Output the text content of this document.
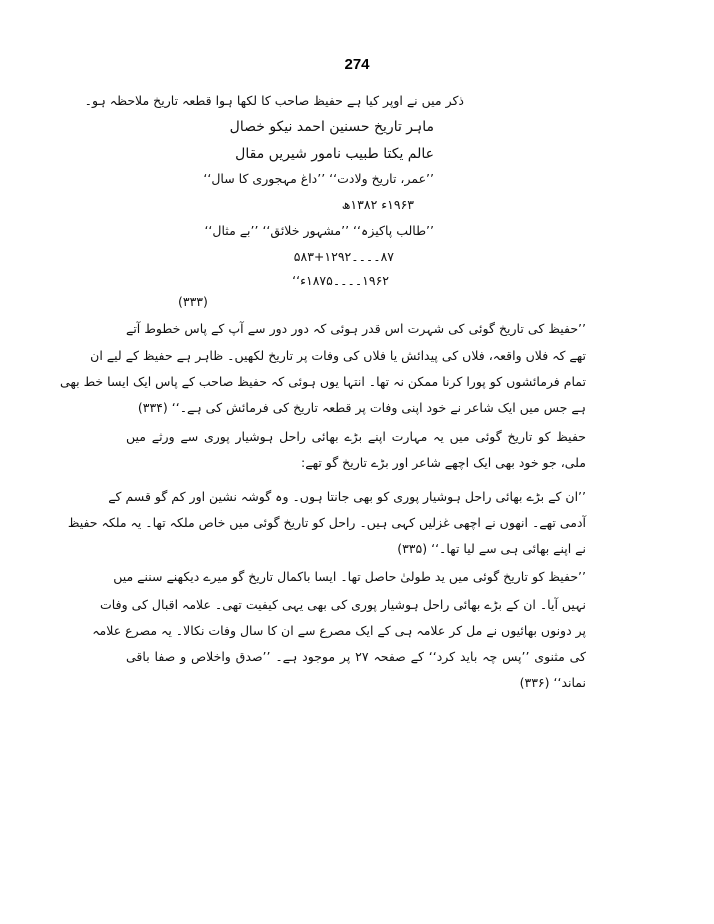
274
ذکر میں نے اوپر کیا ہے حفیظ صاحب کا لکھا ہوا قطعہ تاریخ ملاحظہ ہو۔
ماہر تاریخ حسنین احمد نیکو خصال
عالم یکتا طبیب نامور شیریں مقال
’’عمر، تاریخ ولادت‘‘ ’’داغ مہجوری کا سال‘‘
۱۹۶۳ء ۱۳۸۲ھ
’’طالب پاکیزہ‘‘ ’’مشہور خلائق‘‘ ’’بے مثال‘‘
۸۷۔۔۔۔۱۲۹۲+۵۸۳
۱۹۶۲۔۔۔۔۱۸۷۵ء‘‘
(۳۳۳)
’’حفیظ کی تاریخ گوئی کی شہرت اس قدر ہوئی کہ دور دور سے آپ کے پاس خطوط آتے
تھے کہ فلاں واقعہ، فلاں کی پیدائش یا فلاں کی وفات پر تاریخ لکھیں۔ ظاہر ہے حفیظ کے لیے ان
تمام فرمائشوں کو پورا کرنا ممکن نہ تھا۔ انتہا یوں ہوئی کہ حفیظ صاحب کے پاس ایک ایسا خط بھی
ہے جس میں ایک شاعر نے خود اپنی وفات پر قطعہ تاریخ کی فرمائش کی ہے۔‘‘ (۳۳۴)
حفیظ کو تاریخ گوئی میں یہ مہارت اپنے بڑے بھائی راحل ہوشیار پوری سے ورثے میں
ملی، جو خود بھی ایک اچھے شاعر اور بڑے تاریخ گو تھے:
’’ان کے بڑے بھائی راحل ہوشیار پوری کو بھی جانتا ہوں۔ وہ گوشہ نشین اور کم گو قسم کے
آدمی تھے۔ انھوں نے اچھی غزلیں کہی ہیں۔ راحل کو تاریخ گوئی میں خاص ملکہ تھا۔ یہ ملکہ حفیظ
نے اپنے بھائی ہی سے لیا تھا۔‘‘ (۳۳۵)
’’حفیظ کو تاریخ گوئی میں ید طولیٰ حاصل تھا۔ ایسا باکمال تاریخ گو میرے دیکھنے سننے میں
نہیں آیا۔ ان کے بڑے بھائی راحل ہوشیار پوری کی بھی یہی کیفیت تھی۔ علامہ اقبال کی وفات
پر دونوں بھائیوں نے مل کر علامہ ہی کے ایک مصرع سے ان کا سال وفات نکالا۔ یہ مصرع علامہ
کی مثنوی ’’پس چہ باید کرد‘‘ کے صفحہ ۲۷ پر موجود ہے۔ ’’صدق واخلاص و صفا باقی
نماند‘‘ (۳۳۶)
